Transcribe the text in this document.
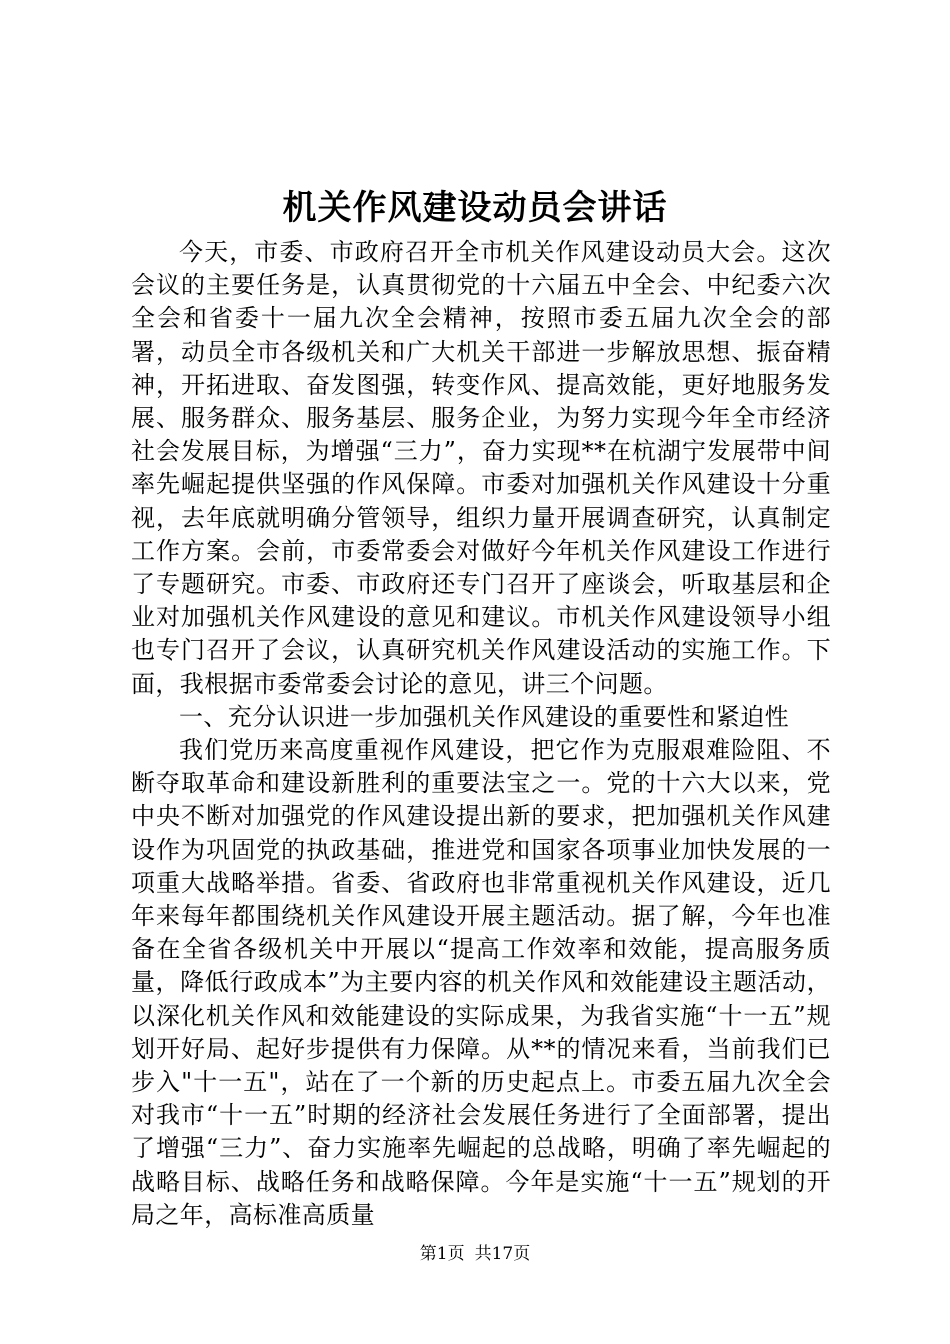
机关作风建设动员会讲话

今天，市委、市政府召开全市机关作风建设动员大会。这次会议的主要任务是，认真贯彻党的十六届五中全会、中纪委六次全会和省委十一届九次全会精神，按照市委五届九次全会的部署，动员全市各级机关和广大机关干部进一步解放思想、振奋精神，开拓进取、奋发图强，转变作风、提高效能，更好地服务发展、服务群众、服务基层、服务企业，为努力实现今年全市经济社会发展目标，为增强“三力”，奋力实现**在杭湖宁发展带中间率先崛起提供坚强的作风保障。市委对加强机关作风建设十分重视，去年底就明确分管领导，组织力量开展调查研究，认真制定工作方案。会前，市委常委会对做好今年机关作风建设工作进行了专题研究。市委、市政府还专门召开了座谈会，听取基层和企业对加强机关作风建设的意见和建议。市机关作风建设领导小组也专门召开了会议，认真研究机关作风建设活动的实施工作。下面，我根据市委常委会讨论的意见，讲三个问题。

一、充分认识进一步加强机关作风建设的重要性和紧迫性

我们党历来高度重视作风建设，把它作为克服艰难险阻、不断夺取革命和建设新胜利的重要法宝之一。党的十六大以来，党中央不断对加强党的作风建设提出新的要求，把加强机关作风建设作为巩固党的执政基础，推进党和国家各项事业加快发展的一项重大战略举措。省委、省政府也非常重视机关作风建设，近几年来每年都围绕机关作风建设开展主题活动。据了解，今年也准备在全省各级机关中开展以“提高工作效率和效能，提高服务质量，降低行政成本”为主要内容的机关作风和效能建设主题活动，以深化机关作风和效能建设的实际成果，为我省实施“十一五”规划开好局、起好步提供有力保障。从**的情况来看，当前我们已步入"十一五"，站在了一个新的历史起点上。市委五届九次全会对我市“十一五”时期的经济社会发展任务进行了全面部署，提出了增强“三力”、奋力实施率先崛起的总战略，明确了率先崛起的战略目标、战略任务和战略保障。今年是实施“十一五”规划的开局之年，高标准高质量

第1页 共17页
